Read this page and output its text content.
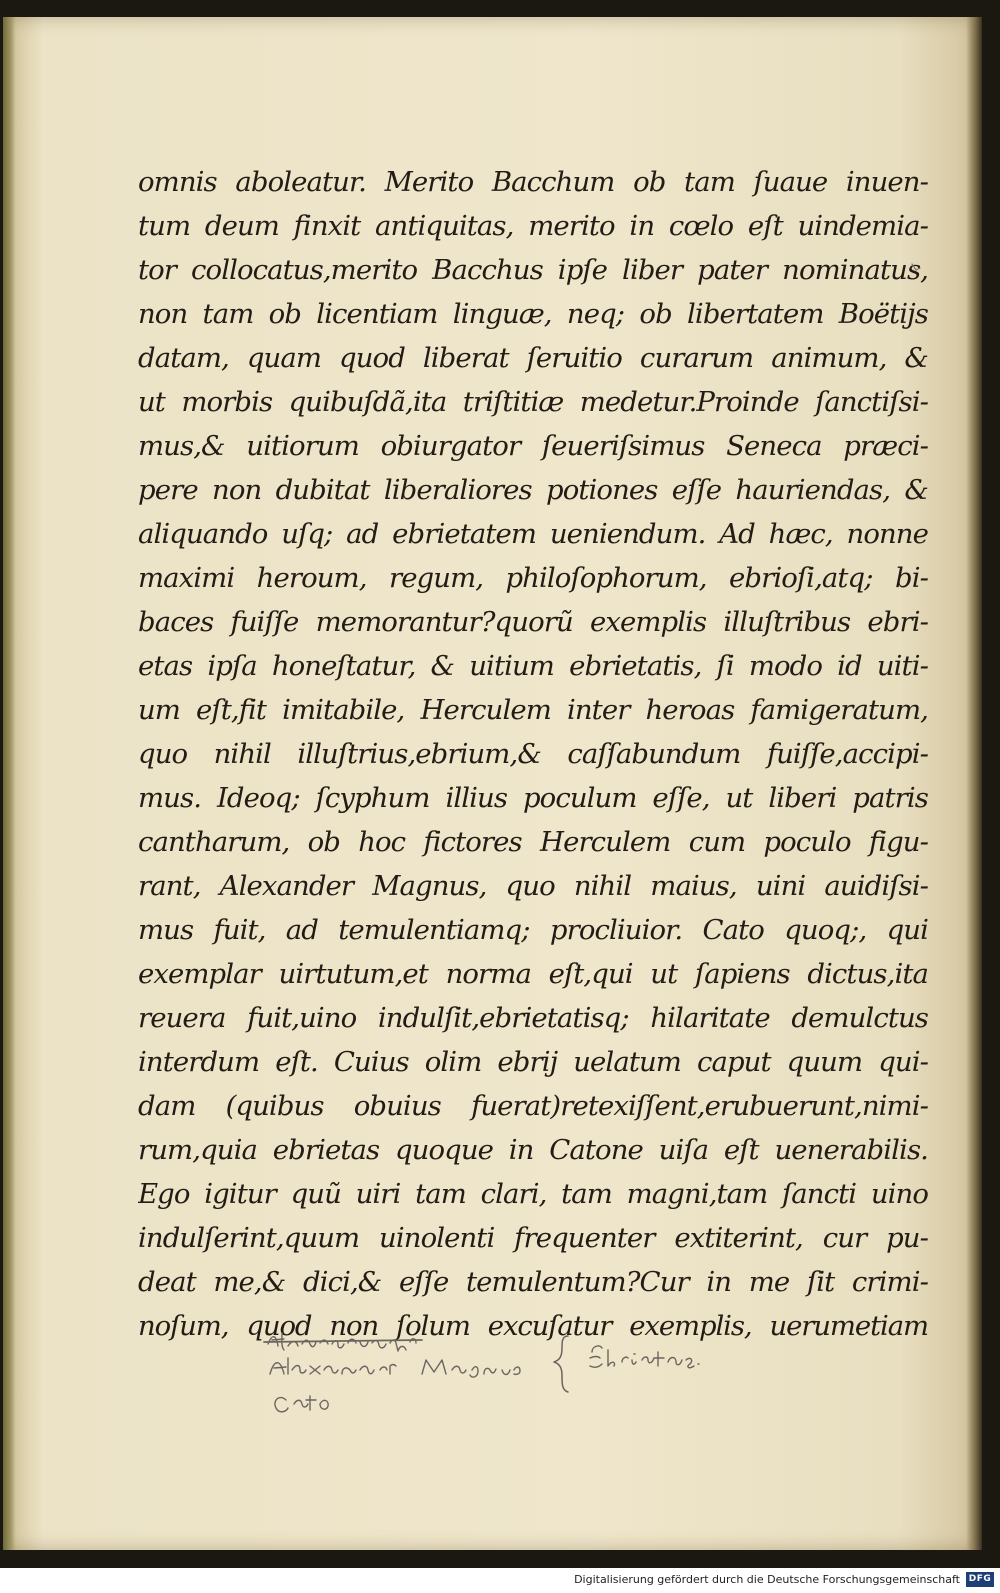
omnis aboleatur. Merito Bacchum ob tam ſuaue inuen-
tum deum finxit antiquitas, merito in cœlo eſt uindemia-
tor collocatus,merito Bacchus ipſe liber pater nominatus,
non tam ob licentiam linguæ, neq; ob libertatem Boëtijs
datam, quam quod liberat ſeruitio curarum animum, &
ut morbis quibuſdã,ita triſtitiæ medetur.Proinde ſanctiſsi-
mus,& uitiorum obiurgator ſeueriſsimus Seneca præci-
pere non dubitat liberaliores potiones eſſe hauriendas, &
aliquando uſq; ad ebrietatem ueniendum. Ad hæc, nonne
maximi heroum, regum, philoſophorum, ebrioſi,atq; bi-
baces fuiſſe memorantur?quorũ exemplis illuſtribus ebri-
etas ipſa honeſtatur, & uitium ebrietatis, ſi modo id uiti-
um eſt,fit imitabile, Herculem inter heroas famigeratum,
quo nihil illuſtrius,ebrium,& caſſabundum fuiſſe,accipi-
mus. Ideoq; ſcyphum illius poculum eſſe, ut liberi patris
cantharum, ob hoc fictores Herculem cum poculo figu-
rant, Alexander Magnus, quo nihil maius, uini auidiſsi-
mus fuit, ad temulentiamq; procliuior. Cato quoq;, qui
exemplar uirtutum,et norma eſt,qui ut ſapiens dictus,ita
reuera fuit,uino indulſit,ebrietatisq; hilaritate demulctus
interdum eſt. Cuius olim ebrij uelatum caput quum qui-
dam (quibus obuius fuerat)retexiſſent,erubuerunt,nimi-
rum,quia ebrietas quoque in Catone uiſa eſt uenerabilis.
Ego igitur quũ uiri tam clari, tam magni,tam ſancti uino
indulſerint,quum uinolenti frequenter extiterint, cur pu-
deat me,& dici,& eſſe temulentum?Cur in me ſit crimi-
noſum, quod non ſolum excuſatur exemplis, uerumetiam
Digitalisierung gefördert durch die Deutsche Forschungsgemeinschaft DFG
